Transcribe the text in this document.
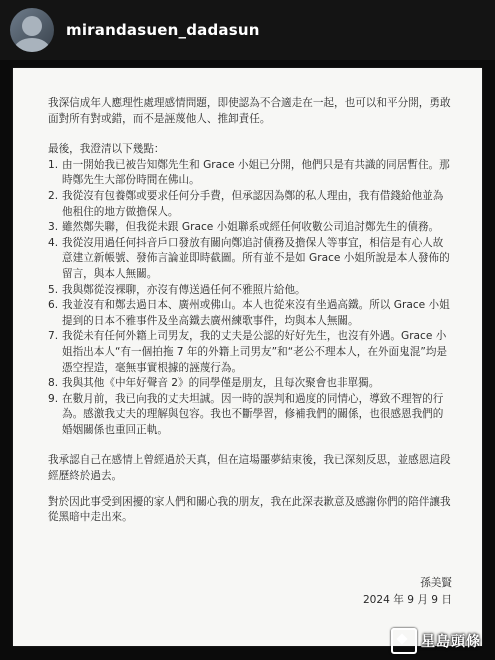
mirandasuen_dadasun

我深信成年人應理性處理感情問題，即使認為不合適走在一起，也可以和平分開，勇敢面對所有對或錯，而不是誣蔑他人、推卸責任。

最後，我澄清以下幾點：

1. 由一開始我已被告知鄭先生和 Grace 小姐已分開，他們只是有共識的同居暫住。那時鄭先生大部份時間在佛山。
2. 我從沒有包養鄭或要求任何分手費，但承認因為鄭的私人理由，我有借錢給他並為他租住的地方做擔保人。
3. 雖然鄭失聯，但我從未跟 Grace 小姐聯系或經任何收數公司追討鄭先生的債務。
4. 我從沒用過任何抖音戶口發放有關向鄭追討債務及擔保人等事宜，相信是有心人故意建立新帳號、發佈言論並即時截圖。所有並不是如 Grace 小姐所說是本人發佈的留言，與本人無關。
5. 我與鄭從沒裸聊，亦沒有傳送過任何不雅照片給他。
6. 我並沒有和鄭去過日本、廣州或佛山。本人也從來沒有坐過高鐵。所以 Grace 小姐提到的日本不雅事件及坐高鐵去廣州練歌事件，均與本人無關。
7. 我從未有任何外籍上司男友，我的丈夫是公認的好好先生，也沒有外遇。Grace 小姐指出本人“有一個拍拖 7 年的外籍上司男友”和“老公不理本人，在外面鬼混”均是憑空捏造，毫無事實根據的誣蔑行為。
8. 我與其他《中年好聲音 2》的同學僅是朋友，且每次聚會也非單獨。
9. 在數月前，我已向我的丈夫坦誠。因一時的誤判和過度的同情心，導致不理智的行為。感激我丈夫的理解與包容。我也不斷學習，修補我們的關係，也很感恩我們的婚姻關係也重回正軌。

我承認自己在感情上曾經過於天真，但在這場噩夢結束後，我已深刻反思，並感恩這段經歷終於過去。

對於因此事受到困擾的家人們和關心我的朋友，我在此深表歉意及感謝你們的陪伴讓我從黑暗中走出來。

孫美賢
2024 年 9 月 9 日
星島頭條
